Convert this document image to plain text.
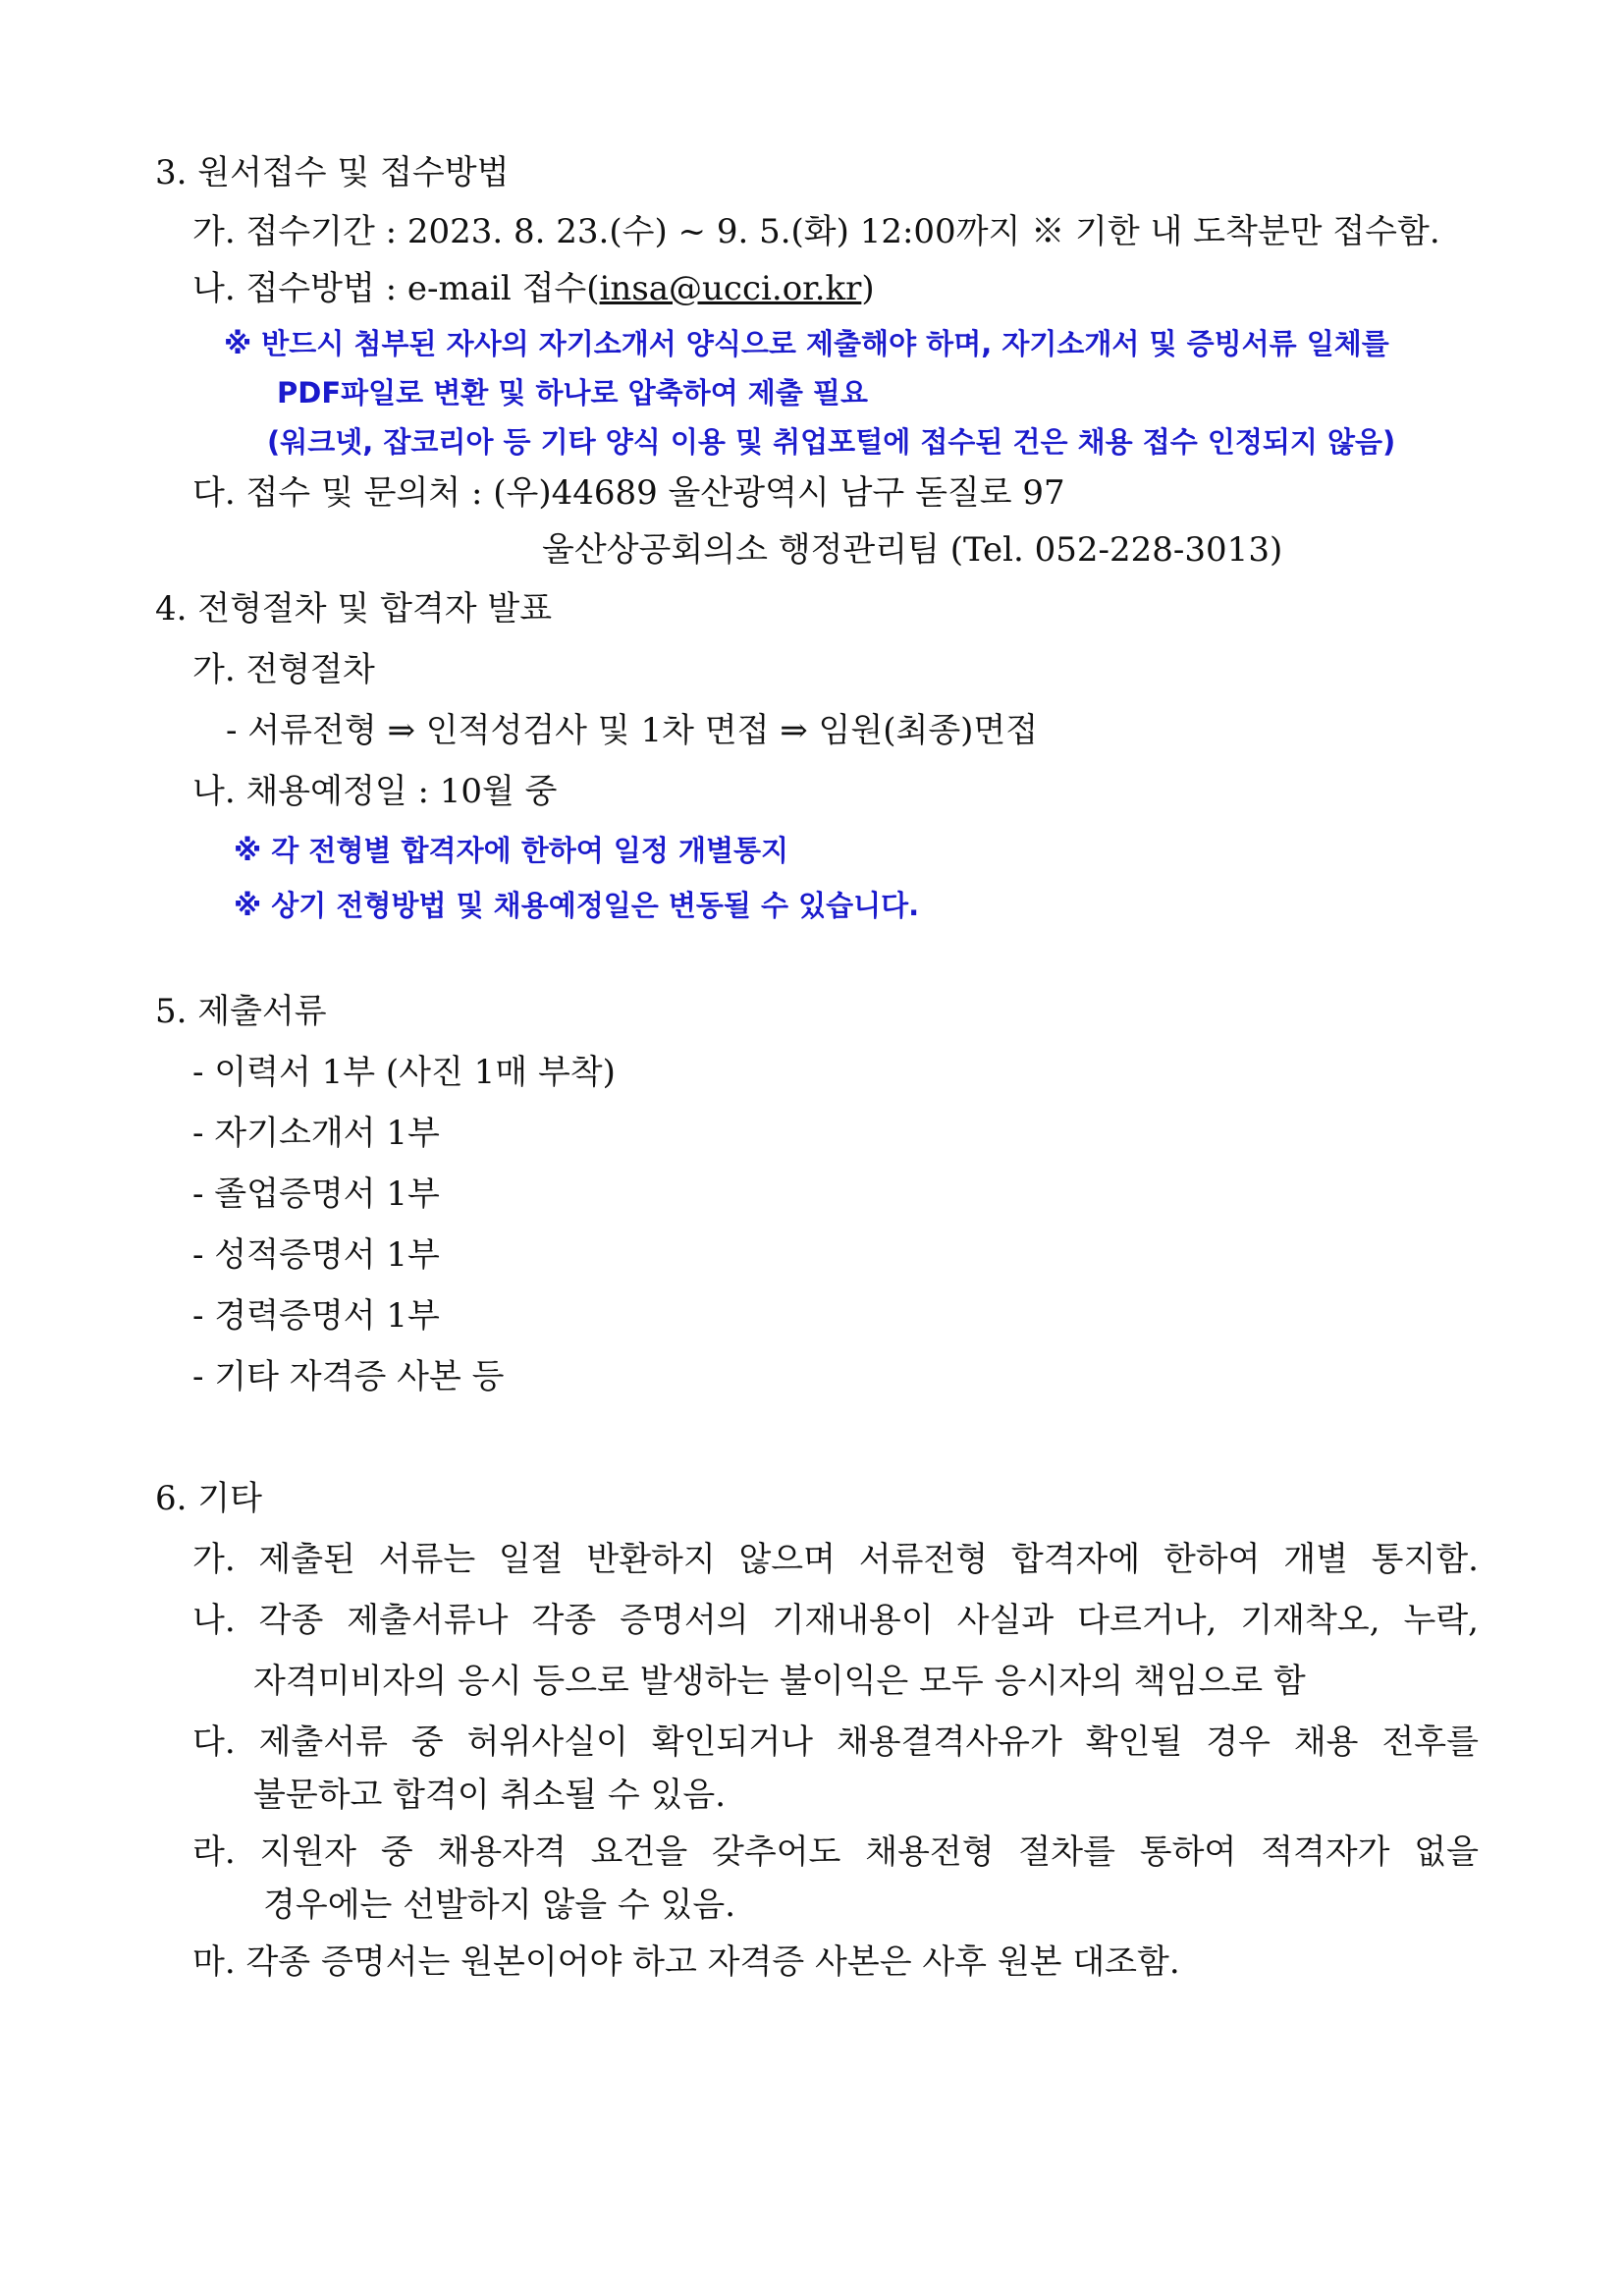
3. 원서접수 및 접수방법
가. 접수기간 : 2023. 8. 23.(수) ~ 9. 5.(화) 12:00까지 ※ 기한 내 도착분만 접수함.
나. 접수방법 : e-mail 접수(insa@ucci.or.kr)
※ 반드시 첨부된 자사의 자기소개서 양식으로 제출해야 하며, 자기소개서 및 증빙서류 일체를
PDF파일로 변환 및 하나로 압축하여 제출 필요
(워크넷, 잡코리아 등 기타 양식 이용 및 취업포털에 접수된 건은 채용 접수 인정되지 않음)
다. 접수 및 문의처 : (우)44689 울산광역시 남구 돋질로 97
울산상공회의소 행정관리팀 (Tel. 052-228-3013)
4. 전형절차 및 합격자 발표
가. 전형절차
- 서류전형 ⇒ 인적성검사 및 1차 면접 ⇒ 임원(최종)면접
나. 채용예정일 : 10월 중
※ 각 전형별 합격자에 한하여 일정 개별통지
※ 상기 전형방법 및 채용예정일은 변동될 수 있습니다.
5. 제출서류
- 이력서 1부 (사진 1매 부착)
- 자기소개서 1부
- 졸업증명서 1부
- 성적증명서 1부
- 경력증명서 1부
- 기타 자격증 사본 등
6. 기타
가. 제출된 서류는 일절 반환하지 않으며 서류전형 합격자에 한하여 개별 통지함.
나. 각종 제출서류나 각종 증명서의 기재내용이 사실과 다르거나, 기재착오, 누락,
자격미비자의 응시 등으로 발생하는 불이익은 모두 응시자의 책임으로 함
다. 제출서류 중 허위사실이 확인되거나 채용결격사유가 확인될 경우 채용 전후를
불문하고 합격이 취소될 수 있음.
라. 지원자 중 채용자격 요건을 갖추어도 채용전형 절차를 통하여 적격자가 없을
경우에는 선발하지 않을 수 있음.
마. 각종 증명서는 원본이어야 하고 자격증 사본은 사후 원본 대조함.
